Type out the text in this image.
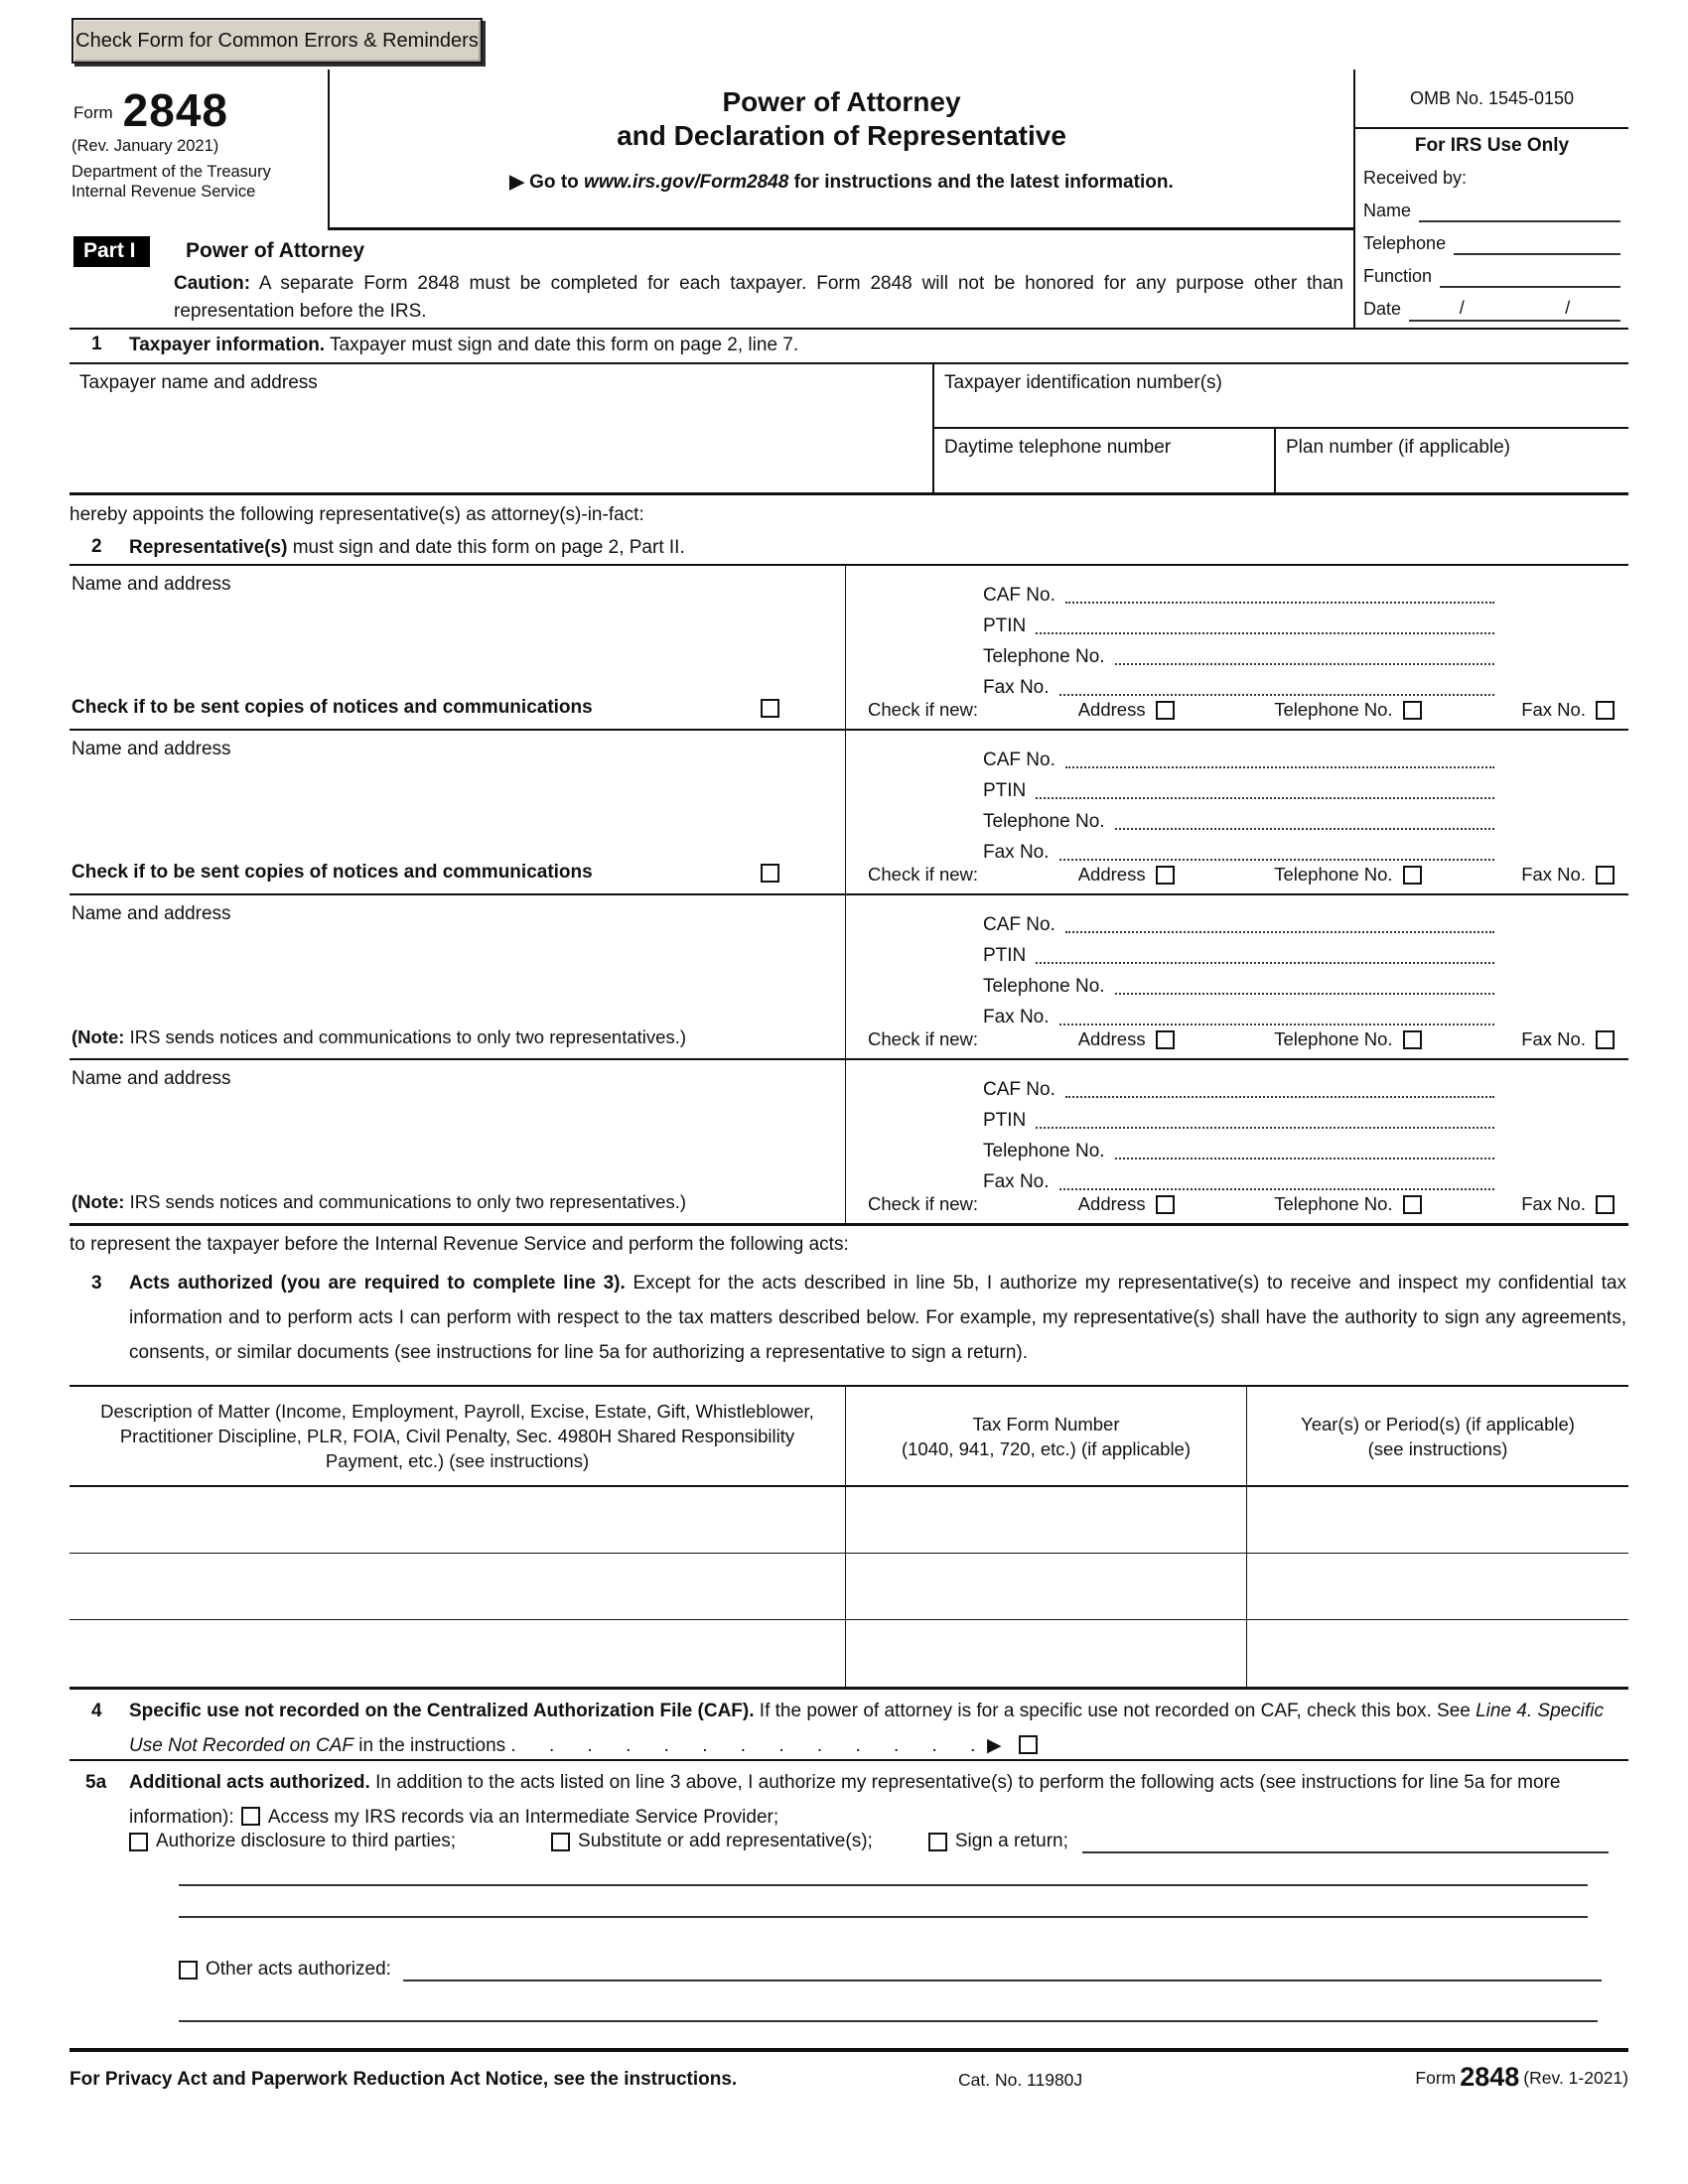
Check Form for Common Errors & Reminders
Form 2848
(Rev. January 2021)
Department of the Treasury
Internal Revenue Service
Power of Attorney
and Declaration of Representative
▶ Go to www.irs.gov/Form2848 for instructions and the latest information.
OMB No. 1545-0150
For IRS Use Only
Received by:
Name
Telephone
Function
Date	/	/
Part I Power of Attorney
Caution: A separate Form 2848 must be completed for each taxpayer. Form 2848 will not be honored for any purpose other than representation before the IRS.
1	Taxpayer information. Taxpayer must sign and date this form on page 2, line 7.
Taxpayer name and address	Taxpayer identification number(s)
Daytime telephone number	Plan number (if applicable)
hereby appoints the following representative(s) as attorney(s)-in-fact:
2	Representative(s) must sign and date this form on page 2, Part II.
Name and address
Check if to be sent copies of notices and communications
CAF No.
PTIN
Telephone No.
Fax No.
Check if new:	Address	Telephone No.	Fax No.
Name and address
Check if to be sent copies of notices and communications
CAF No.
PTIN
Telephone No.
Fax No.
Check if new:	Address	Telephone No.	Fax No.
Name and address
(Note: IRS sends notices and communications to only two representatives.)
CAF No.
PTIN
Telephone No.
Fax No.
Check if new:	Address	Telephone No.	Fax No.
Name and address
(Note: IRS sends notices and communications to only two representatives.)
CAF No.
PTIN
Telephone No.
Fax No.
Check if new:	Address	Telephone No.	Fax No.
to represent the taxpayer before the Internal Revenue Service and perform the following acts:
3	Acts authorized (you are required to complete line 3). Except for the acts described in line 5b, I authorize my representative(s) to receive and inspect my confidential tax information and to perform acts I can perform with respect to the tax matters described below. For example, my representative(s) shall have the authority to sign any agreements, consents, or similar documents (see instructions for line 5a for authorizing a representative to sign a return).
Description of Matter (Income, Employment, Payroll, Excise, Estate, Gift, Whistleblower, Practitioner Discipline, PLR, FOIA, Civil Penalty, Sec. 4980H Shared Responsibility Payment, etc.) (see instructions)
Tax Form Number
(1040, 941, 720, etc.) (if applicable)
Year(s) or Period(s) (if applicable)
(see instructions)
4	Specific use not recorded on the Centralized Authorization File (CAF). If the power of attorney is for a specific use not recorded on CAF, check this box. See Line 4. Specific Use Not Recorded on CAF in the instructions . . . . . . . . . . . . . ▶
5a	Additional acts authorized. In addition to the acts listed on line 3 above, I authorize my representative(s) to perform the following acts (see instructions for line 5a for more information): Access my IRS records via an Intermediate Service Provider;
Authorize disclosure to third parties;	Substitute or add representative(s);	Sign a return;
Other acts authorized:
For Privacy Act and Paperwork Reduction Act Notice, see the instructions.	Cat. No. 11980J	Form 2848 (Rev. 1-2021)
